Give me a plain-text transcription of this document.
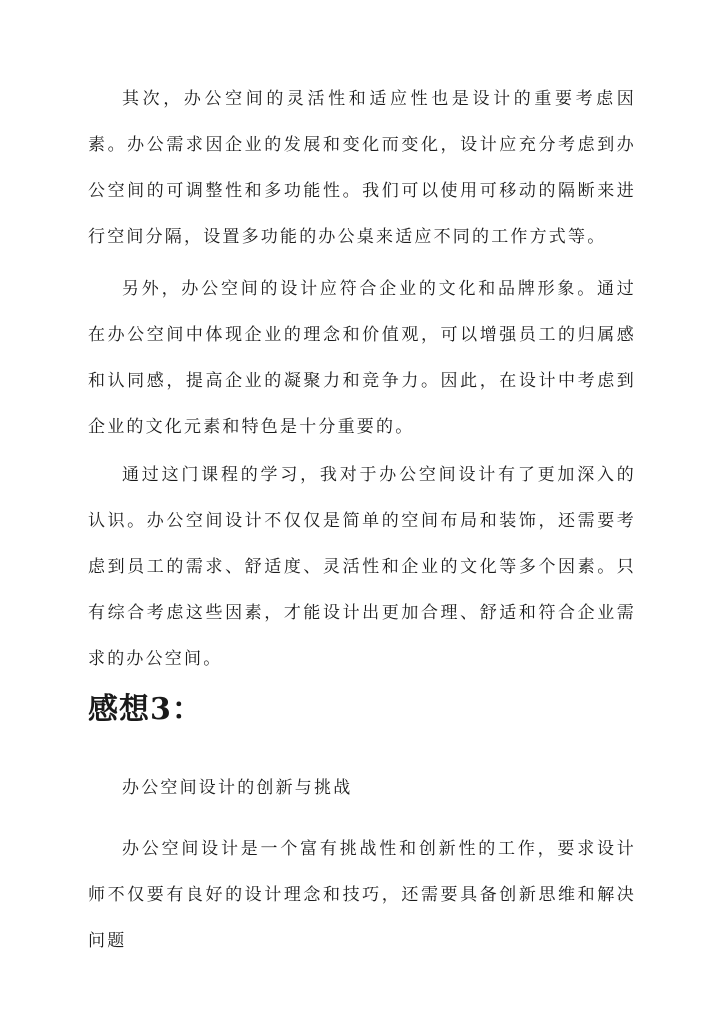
其次，办公空间的灵活性和适应性也是设计的重要考虑因素。办公需求因企业的发展和变化而变化，设计应充分考虑到办公空间的可调整性和多功能性。我们可以使用可移动的隔断来进行空间分隔，设置多功能的办公桌来适应不同的工作方式等。

另外，办公空间的设计应符合企业的文化和品牌形象。通过在办公空间中体现企业的理念和价值观，可以增强员工的归属感和认同感，提高企业的凝聚力和竞争力。因此，在设计中考虑到企业的文化元素和特色是十分重要的。

通过这门课程的学习，我对于办公空间设计有了更加深入的认识。办公空间设计不仅仅是简单的空间布局和装饰，还需要考虑到员工的需求、舒适度、灵活性和企业的文化等多个因素。只有综合考虑这些因素，才能设计出更加合理、舒适和符合企业需求的办公空间。

感想3：

办公空间设计的创新与挑战

办公空间设计是一个富有挑战性和创新性的工作，要求设计师不仅要有良好的设计理念和技巧，还需要具备创新思维和解决问题
